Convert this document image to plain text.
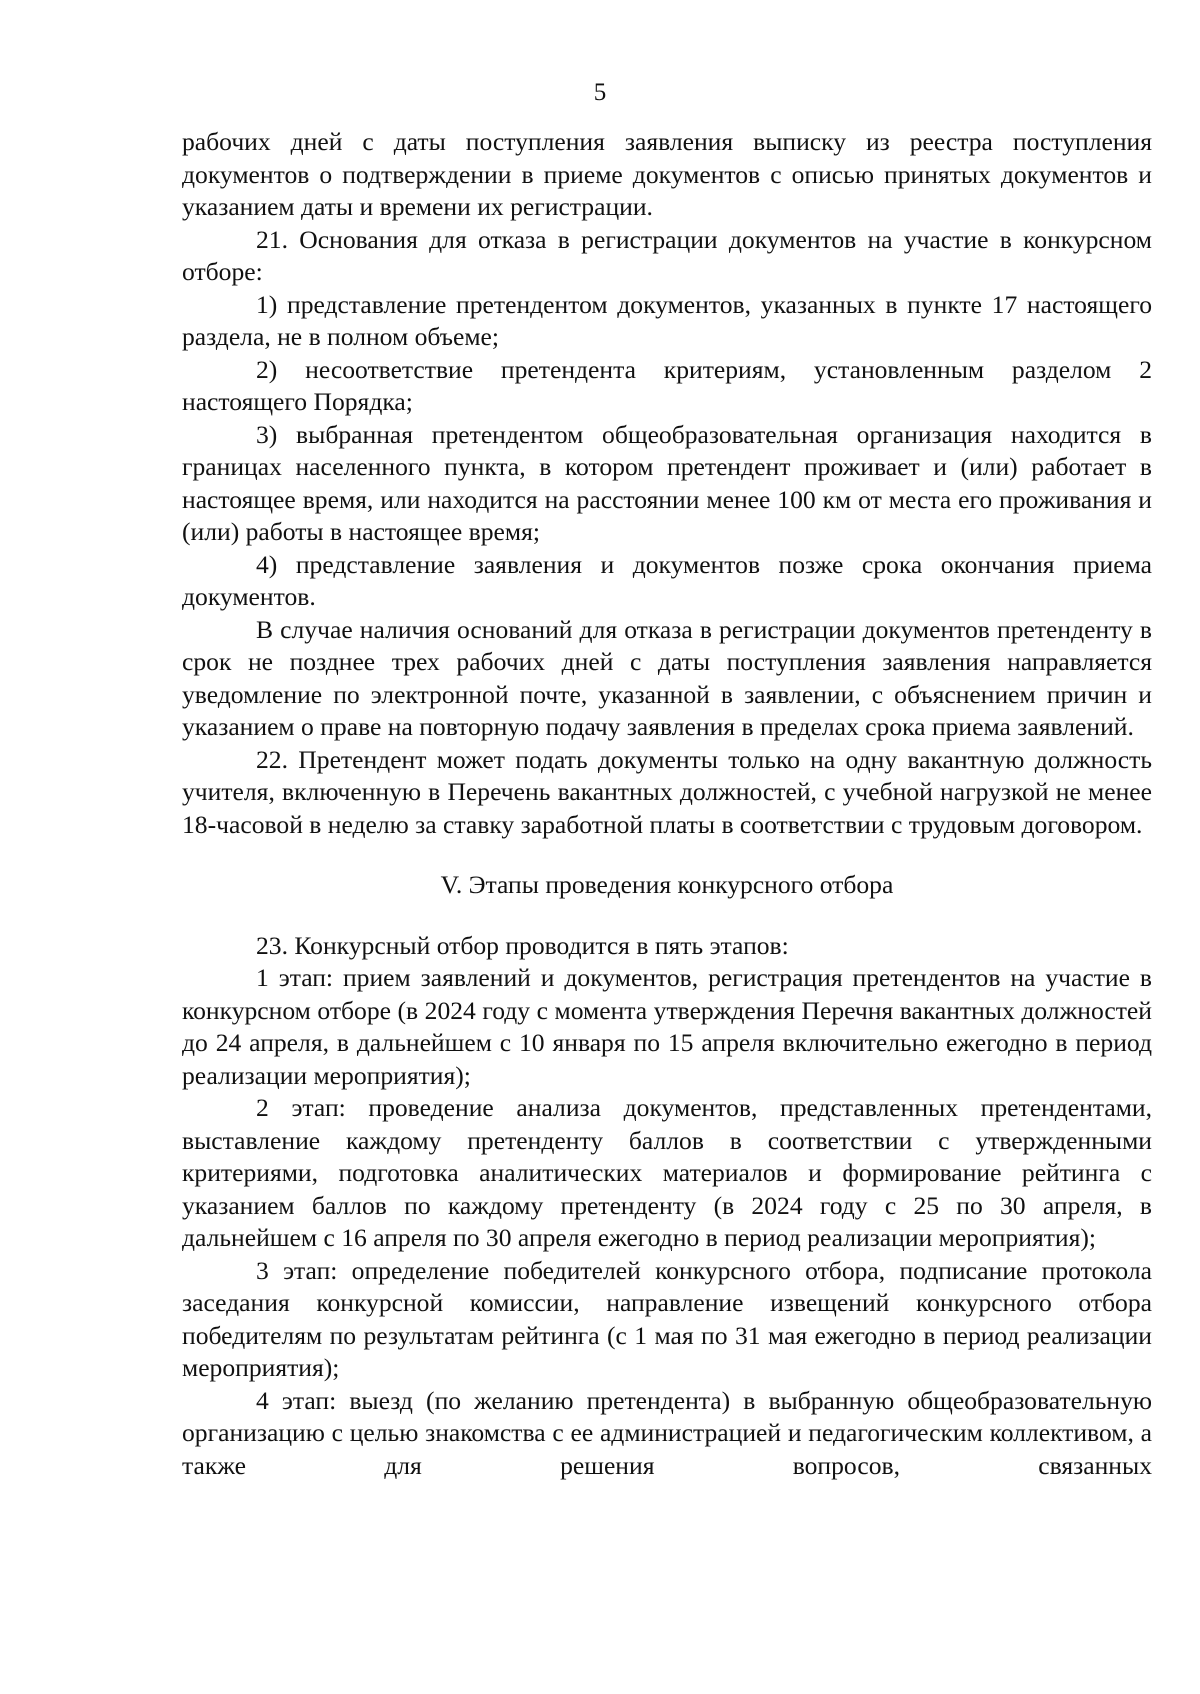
5

рабочих дней с даты поступления заявления выписку из реестра поступления документов о подтверждении в приеме документов с описью принятых документов и указанием даты и времени их регистрации.

21. Основания для отказа в регистрации документов на участие в конкурсном отборе:

1) представление претендентом документов, указанных в пункте 17 настоящего раздела, не в полном объеме;

2) несоответствие претендента критериям, установленным разделом 2 настоящего Порядка;

3) выбранная претендентом общеобразовательная организация находится в границах населенного пункта, в котором претендент проживает и (или) работает в настоящее время, или находится на расстоянии менее 100 км от места его проживания и (или) работы в настоящее время;

4) представление заявления и документов позже срока окончания приема документов.

В случае наличия оснований для отказа в регистрации документов претенденту в срок не позднее трех рабочих дней с даты поступления заявления направляется уведомление по электронной почте, указанной в заявлении, с объяснением причин и указанием о праве на повторную подачу заявления в пределах срока приема заявлений.

22. Претендент может подать документы только на одну вакантную должность учителя, включенную в Перечень вакантных должностей, с учебной нагрузкой не менее 18-часовой в неделю за ставку заработной платы в соответствии с трудовым договором.

V. Этапы проведения конкурсного отбора

23. Конкурсный отбор проводится в пять этапов:

1 этап: прием заявлений и документов, регистрация претендентов на участие в конкурсном отборе (в 2024 году с момента утверждения Перечня вакантных должностей до 24 апреля, в дальнейшем с 10 января по 15 апреля включительно ежегодно в период реализации мероприятия);

2 этап: проведение анализа документов, представленных претендентами, выставление каждому претенденту баллов в соответствии с утвержденными критериями, подготовка аналитических материалов и формирование рейтинга с указанием баллов по каждому претенденту (в 2024 году с 25 по 30 апреля, в дальнейшем с 16 апреля по 30 апреля ежегодно в период реализации мероприятия);

3 этап: определение победителей конкурсного отбора, подписание протокола заседания конкурсной комиссии, направление извещений конкурсного отбора победителям по результатам рейтинга (с 1 мая по 31 мая ежегодно в период реализации мероприятия);

4 этап: выезд (по желанию претендента) в выбранную общеобразовательную организацию с целью знакомства с ее администрацией и педагогическим коллективом, а также для решения вопросов, связанных
